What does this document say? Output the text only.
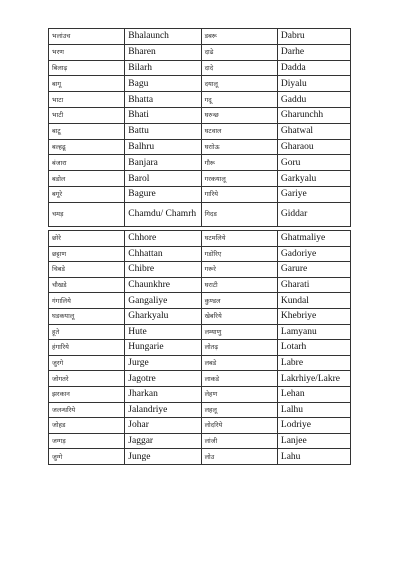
भलांउच	Bhalaunch	डबरू	Dabru
भरण	Bharen	दाढे	Darhe
बिलाढ़	Bilarh	दादे	Dadda
बागू	Bagu	दयालू	Diyalu
भाटा	Bhatta	गदू	Gaddu
भाटी	Bhati	घरुन्छ	Gharunchh
बाटू	Battu	घटवाल	Ghatwal
बल्हढू	Balhru	घराोऊ	Gharaou
बंजारा	Banjara	गौरू	Goru
बडोल	Barol	गरकयालू	Garkyalu
बगूरे	Bagure	गारिये	Gariye
चमड़	Chamdu/ Chamrh	गिदड	Giddar
छोरे	Chhore	घटमलिये	Ghatmaliye
छट्टाण	Chhattan	गडोरिए	Gadoriye
चिबडे	Chibre	गरूरे	Garure
चौखडे	Chaunkhre	घराटी	Gharati
गंगालिये	Gangaliye	कुण्डल	Kundal
घडकयालू	Gharkyalu	खेबरिये	Khebriye
हूते	Hute	लम्याणु	Lamyanu
हंगारिये	Hungarie	लोतढ़	Lotarh
जुरगे	Jurge	लबडे	Labre
जोगतरे	Jagotre	लाकडे	Lakrhiye/Lakre
झरकान	Jharkan	लेहण	Lehan
जलन्धरिये	Jalandriye	लहलू	Lalhu
जोहड	Johar	लोदरिये	Lodriye
जग्गड़	Jaggar	लांजी	Lanjee
जुग्गे	Junge	लोउ	Lahu
